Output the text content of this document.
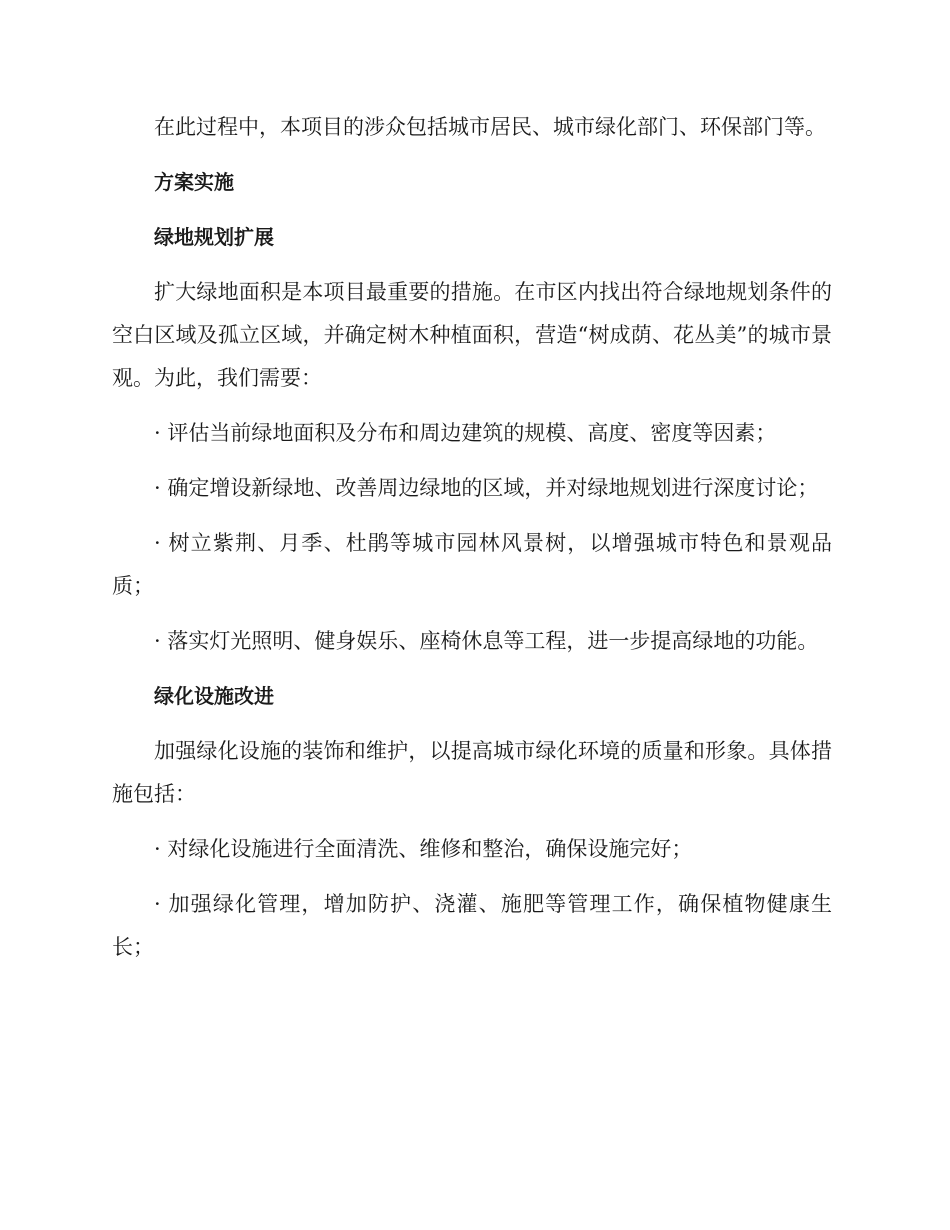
在此过程中，本项目的涉众包括城市居民、城市绿化部门、环保部门等。

方案实施

绿地规划扩展

扩大绿地面积是本项目最重要的措施。在市区内找出符合绿地规划条件的空白区域及孤立区域，并确定树木种植面积，营造“树成荫、花丛美”的城市景观。为此，我们需要：

· 评估当前绿地面积及分布和周边建筑的规模、高度、密度等因素；

· 确定增设新绿地、改善周边绿地的区域，并对绿地规划进行深度讨论；

· 树立紫荆、月季、杜鹃等城市园林风景树，以增强城市特色和景观品质；

· 落实灯光照明、健身娱乐、座椅休息等工程，进一步提高绿地的功能。

绿化设施改进

加强绿化设施的装饰和维护，以提高城市绿化环境的质量和形象。具体措施包括：

· 对绿化设施进行全面清洗、维修和整治，确保设施完好；

· 加强绿化管理，增加防护、浇灌、施肥等管理工作，确保植物健康生长；
